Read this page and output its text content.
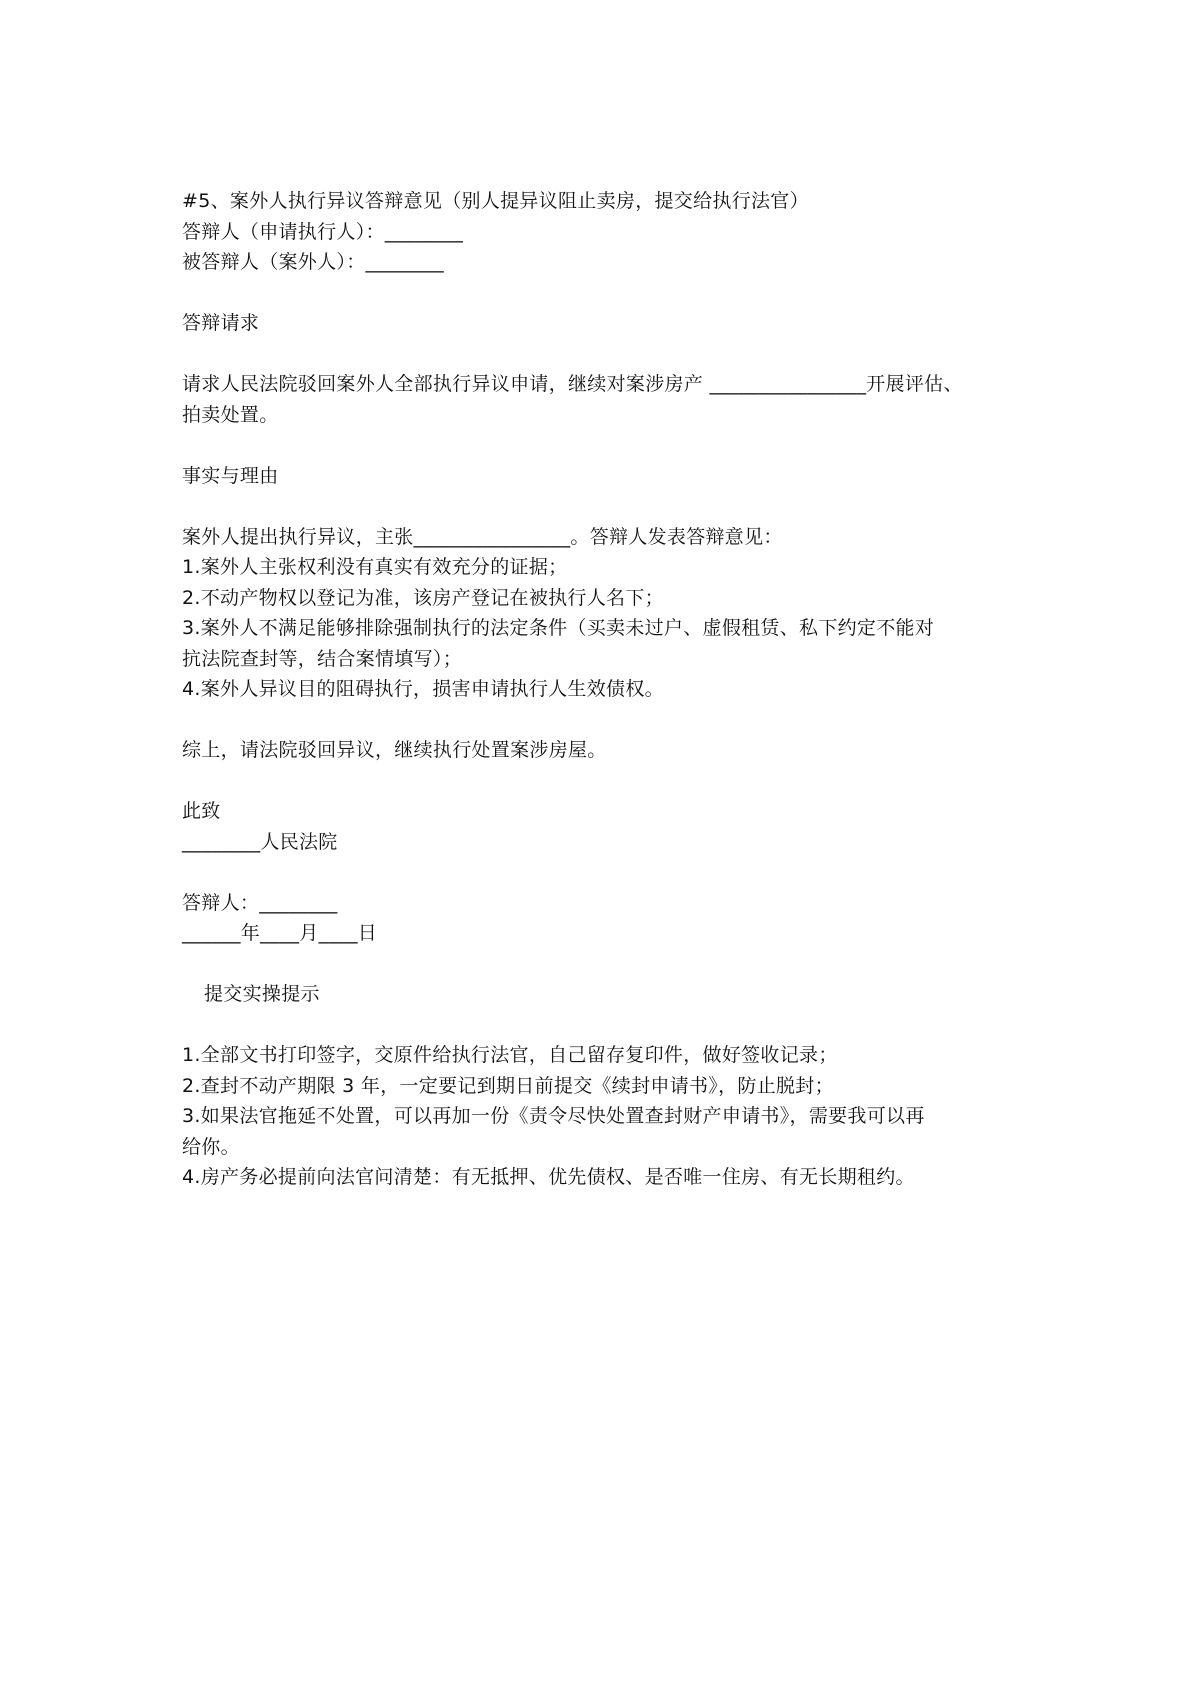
#5、案外人执行异议答辩意见（别人提异议阻止卖房，提交给执行法官）
答辩人（申请执行人）：________
被答辩人（案外人）：________
答辩请求
请求人民法院驳回案外人全部执行异议申请，继续对案涉房产 ________________开展评估、
拍卖处置。
事实与理由
案外人提出执行异议，主张________________。答辩人发表答辩意见：
1.案外人主张权利没有真实有效充分的证据；
2.不动产物权以登记为准，该房产登记在被执行人名下；
3.案外人不满足能够排除强制执行的法定条件（买卖未过户、虚假租赁、私下约定不能对
抗法院查封等，结合案情填写）；
4.案外人异议目的阻碍执行，损害申请执行人生效债权。
综上，请法院驳回异议，继续执行处置案涉房屋。
此致
________人民法院
答辩人：________
______年____月____日
提交实操提示
1.全部文书打印签字，交原件给执行法官，自己留存复印件，做好签收记录；
2.查封不动产期限 3 年，一定要记到期日前提交《续封申请书》，防止脱封；
3.如果法官拖延不处置，可以再加一份《责令尽快处置查封财产申请书》，需要我可以再
给你。
4.房产务必提前向法官问清楚：有无抵押、优先债权、是否唯一住房、有无长期租约。
